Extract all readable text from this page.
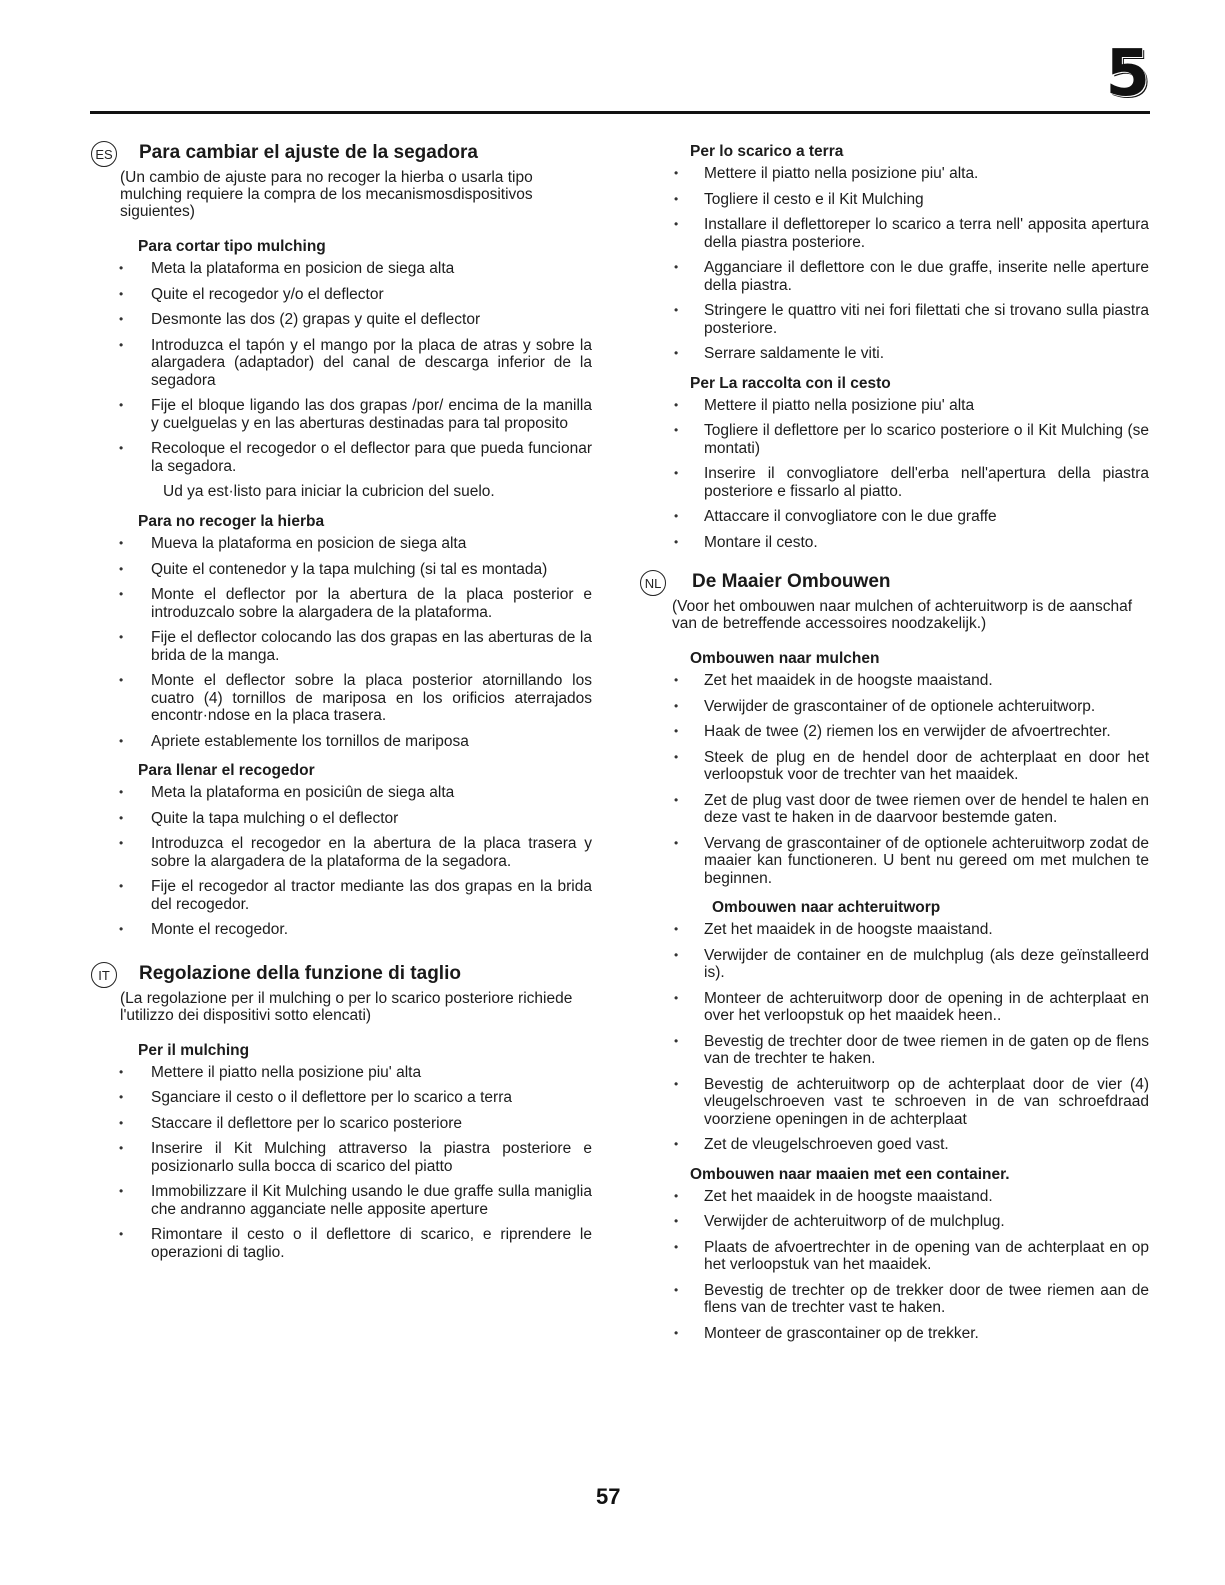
5
ES Para cambiar el ajuste de la segadora

(Un cambio de ajuste para no recoger la hierba o usarla tipo mulching requiere la compra de los mecanismosdispositivos siguientes)

Para cortar tipo mulching
• Meta la plataforma en posicion de siega alta
• Quite el recogedor y/o el deflector
• Desmonte las dos (2) grapas y quite el deflector
• Introduzca el tapón y el mango por la placa de atras y sobre la alargadera (adaptador) del canal de descarga inferior de la segadora
• Fije el bloque ligando las dos grapas /por/ encima de la manilla y cuelguelas y en las aberturas destinadas para tal proposito
• Recoloque el recogedor o el deflector para que pueda funcionar la segadora.

Ud ya est·listo para iniciar la cubricion del suelo.

Para no recoger la hierba
• Mueva la plataforma en posicion de siega alta
• Quite el contenedor y la tapa mulching (si tal es montada)
• Monte el deflector por la abertura de la placa posterior e introduzcalo sobre la alargadera de la plataforma.
• Fije el deflector colocando las dos grapas en las aberturas de la brida de la manga.
• Monte el deflector sobre la placa posterior atornillando los cuatro (4) tornillos de mariposa en los orificios aterrajados encontr·ndose en la placa trasera.
• Apriete establemente los tornillos de mariposa
Para llenar el recogedor
• Meta la plataforma en posiciûn de siega alta
• Quite la tapa mulching o el deflector
• Introduzca el recogedor en la abertura de la placa trasera y sobre la alargadera de la plataforma de la segadora.
• Fije el recogedor al tractor mediante las dos grapas en la brida del recogedor.
• Monte el recogedor.
IT	Regolazione della funzione di taglio

(La regolazione per il mulching o per lo scarico posteriore richiede l'utilizzo dei dispositivi sotto elencati)

Per il mulching
• Mettere il piatto nella posizione piu' alta
• Sganciare il cesto o il deflettore per lo scarico a terra
• Staccare il deflettore per lo scarico posteriore
• Inserire il Kit Mulching attraverso la piastra posteriore e posizionarlo sulla bocca di scarico del piatto
• Immobilizzare il Kit Mulching usando le due graffe sulla maniglia che andranno agganciate nelle apposite aperture
• Rimontare il cesto o il deflettore di scarico, e riprendere le operazioni di taglio.
Per lo scarico a terra
• Mettere il piatto nella posizione piu' alta.
• Togliere il cesto e il Kit Mulching
• Installare il deflettoreper lo scarico a terra nell' apposita apertura della piastra posteriore.
• Agganciare il deflettore con le due graffe, inserite nelle aperture della piastra.
• Stringere le quattro viti nei fori filettati che si trovano sulla piastra posteriore.
• Serrare saldamente le viti.
Per La raccolta con il cesto
• Mettere il piatto nella posizione piu' alta
• Togliere il deflettore per lo scarico posteriore o il Kit Mulching (se montati)
• Inserire il convogliatore dell'erba nell'apertura della piastra posteriore e fissarlo al piatto.
• Attaccare il convogliatore con le due graffe
• Montare il cesto.
NL De Maaier Ombouwen

(Voor het ombouwen naar mulchen of achteruitworp is de aanschaf van de betreffende accessoires noodzakelijk.)

Ombouwen naar mulchen
• Zet het maaidek in de hoogste maaistand.
• Verwijder de grascontainer of de optionele achteruitworp.
• Haak de twee (2) riemen los en verwijder de afvoertrechter.
• Steek de plug en de hendel door de achterplaat en door het verloopstuk voor de trechter van het maaidek.
• Zet de plug vast door de twee riemen over de hendel te halen en deze vast te haken in de daarvoor bestemde gaten.
• Vervang de grascontainer of de optionele achteruitworp zodat de maaier kan functioneren. U bent nu gereed om met mulchen te beginnen.
Ombouwen naar achteruitworp
• Zet het maaidek in de hoogste maaistand.
• Verwijder de container en de mulchplug (als deze geïnstalleerd is).
• Monteer de achteruitworp door de opening in de achterplaat en over het verloopstuk op het maaidek heen..
• Bevestig de trechter door de twee riemen in de gaten op de flens van de trechter te haken.
• Bevestig de achteruitworp op de achterplaat door de vier (4) vleugelschroeven vast te schroeven in de van schroefdraad voorziene openingen in de achterplaat
• Zet de vleugelschroeven goed vast.
Ombouwen naar maaien met een container.
• Zet het maaidek in de hoogste maaistand.
• Verwijder de achteruitworp of de mulchplug.
• Plaats de afvoertrechter in de opening van de achterplaat en op het verloopstuk van het maaidek.
• Bevestig de trechter op de trekker door de twee riemen aan de flens van de trechter vast te haken.
• Monteer de grascontainer op de trekker.
57
